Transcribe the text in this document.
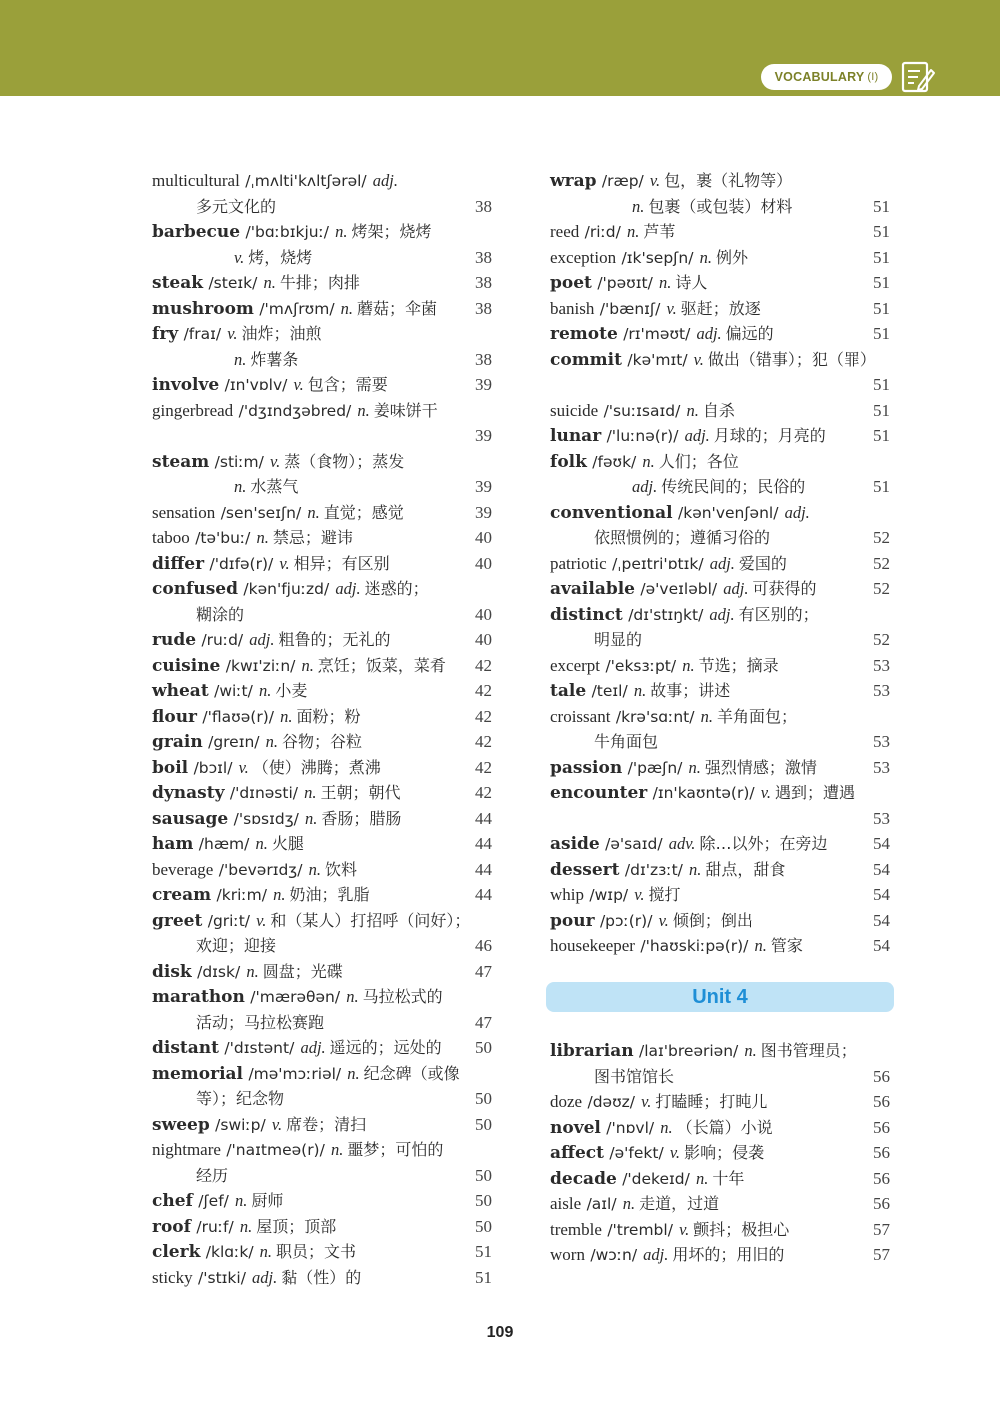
VOCABULARY (I)
multicultural /ˌmʌlti'kʌltʃərəl/ adj.
多元文化的	38
barbecue /'bɑːbɪkjuː/ n. 烤架；烧烤
v. 烤，烧烤	38
steak /steɪk/ n. 牛排；肉排	38
mushroom /'mʌʃrʊm/ n. 蘑菇；伞菌 38
fry /fraɪ/ v. 油炸；油煎
n. 炸薯条	38
involve /ɪn'vɒlv/ v. 包含；需要	39
gingerbread /'dʒɪndʒəbred/ n. 姜味饼干
39
steam /stiːm/ v. 蒸（食物）；蒸发
n. 水蒸气	39
sensation /sen'seɪʃn/ n. 直觉；感觉	39
taboo /tə'buː/ n. 禁忌；避讳	40
differ /'dɪfə(r)/ v. 相异；有区别	40
confused /kən'fjuːzd/ adj. 迷惑的；
糊涂的	40
rude /ruːd/ adj. 粗鲁的；无礼的	40
cuisine /kwɪ'ziːn/ n. 烹饪；饭菜，菜肴 42
wheat /wiːt/ n. 小麦	42
flour /'flaʊə(r)/ n. 面粉；粉	42
grain /greɪn/ n. 谷物；谷粒	42
boil /bɔɪl/ v. （使）沸腾；煮沸	42
dynasty /'dɪnəsti/ n. 王朝；朝代	42
sausage /'sɒsɪdʒ/ n. 香肠；腊肠	44
ham /hæm/ n. 火腿	44
beverage /'bevərɪdʒ/ n. 饮料	44
cream /kriːm/ n. 奶油；乳脂	44
greet /griːt/ v. 和（某人）打招呼（问好）；
欢迎；迎接	46
disk /dɪsk/ n. 圆盘；光碟	47
marathon /'mærəθən/ n. 马拉松式的
活动；马拉松赛跑	47
distant /'dɪstənt/ adj. 遥远的；远处的 50
memorial /mə'mɔːriəl/ n. 纪念碑（或像
等）；纪念物	50
sweep /swiːp/ v. 席卷；清扫	50
nightmare /'naɪtmeə(r)/ n. 噩梦；可怕的
经历	50
chef /ʃef/ n. 厨师	50
roof /ruːf/ n. 屋顶；顶部	50
clerk /klɑːk/ n. 职员；文书	51
sticky /'stɪki/ adj. 黏（性）的	51
wrap /ræp/ v. 包，裹（礼物等）
n. 包裹（或包装）材料	51
reed /riːd/ n. 芦苇	51
exception /ɪk'sepʃn/ n. 例外	51
poet /'pəʊɪt/ n. 诗人	51
banish /'bænɪʃ/ v. 驱赶；放逐	51
remote /rɪ'məʊt/ adj. 偏远的	51
commit /kə'mɪt/ v. 做出（错事）；犯（罪）
51
suicide /'suːɪsaɪd/ n. 自杀	51
lunar /'luːnə(r)/ adj. 月球的；月亮的	51
folk /fəʊk/ n. 人们；各位
adj. 传统民间的；民俗的	51
conventional /kən'venʃənl/ adj.
依照惯例的；遵循习俗的	52
patriotic /ˌpeɪtri'ɒtɪk/ adj. 爱国的	52
available /ə'veɪləbl/ adj. 可获得的	52
distinct /dɪ'stɪŋkt/ adj. 有区别的；
明显的	52
excerpt /'eksɜːpt/ n. 节选；摘录	53
tale /teɪl/ n. 故事；讲述	53
croissant /krə'sɑːnt/ n. 羊角面包；
牛角面包	53
passion /'pæʃn/ n. 强烈情感；激情	53
encounter /ɪn'kaʊntə(r)/ v. 遇到；遭遇
53
aside /ə'saɪd/ adv. 除…以外；在旁边	54
dessert /dɪ'zɜːt/ n. 甜点，甜食	54
whip /wɪp/ v. 搅打	54
pour /pɔː(r)/ v. 倾倒；倒出	54
housekeeper /'haʊskiːpə(r)/ n. 管家	54
Unit 4
librarian /laɪ'breəriən/ n. 图书管理员；
图书馆馆长	56
doze /dəʊz/ v. 打瞌睡；打盹儿	56
novel /'nɒvl/ n. （长篇）小说	56
affect /ə'fekt/ v. 影响；侵袭	56
decade /'dekeɪd/ n. 十年	56
aisle /aɪl/ n. 走道，过道	56
tremble /'trembl/ v. 颤抖；极担心	57
worn /wɔːn/ adj. 用坏的；用旧的	57
109
